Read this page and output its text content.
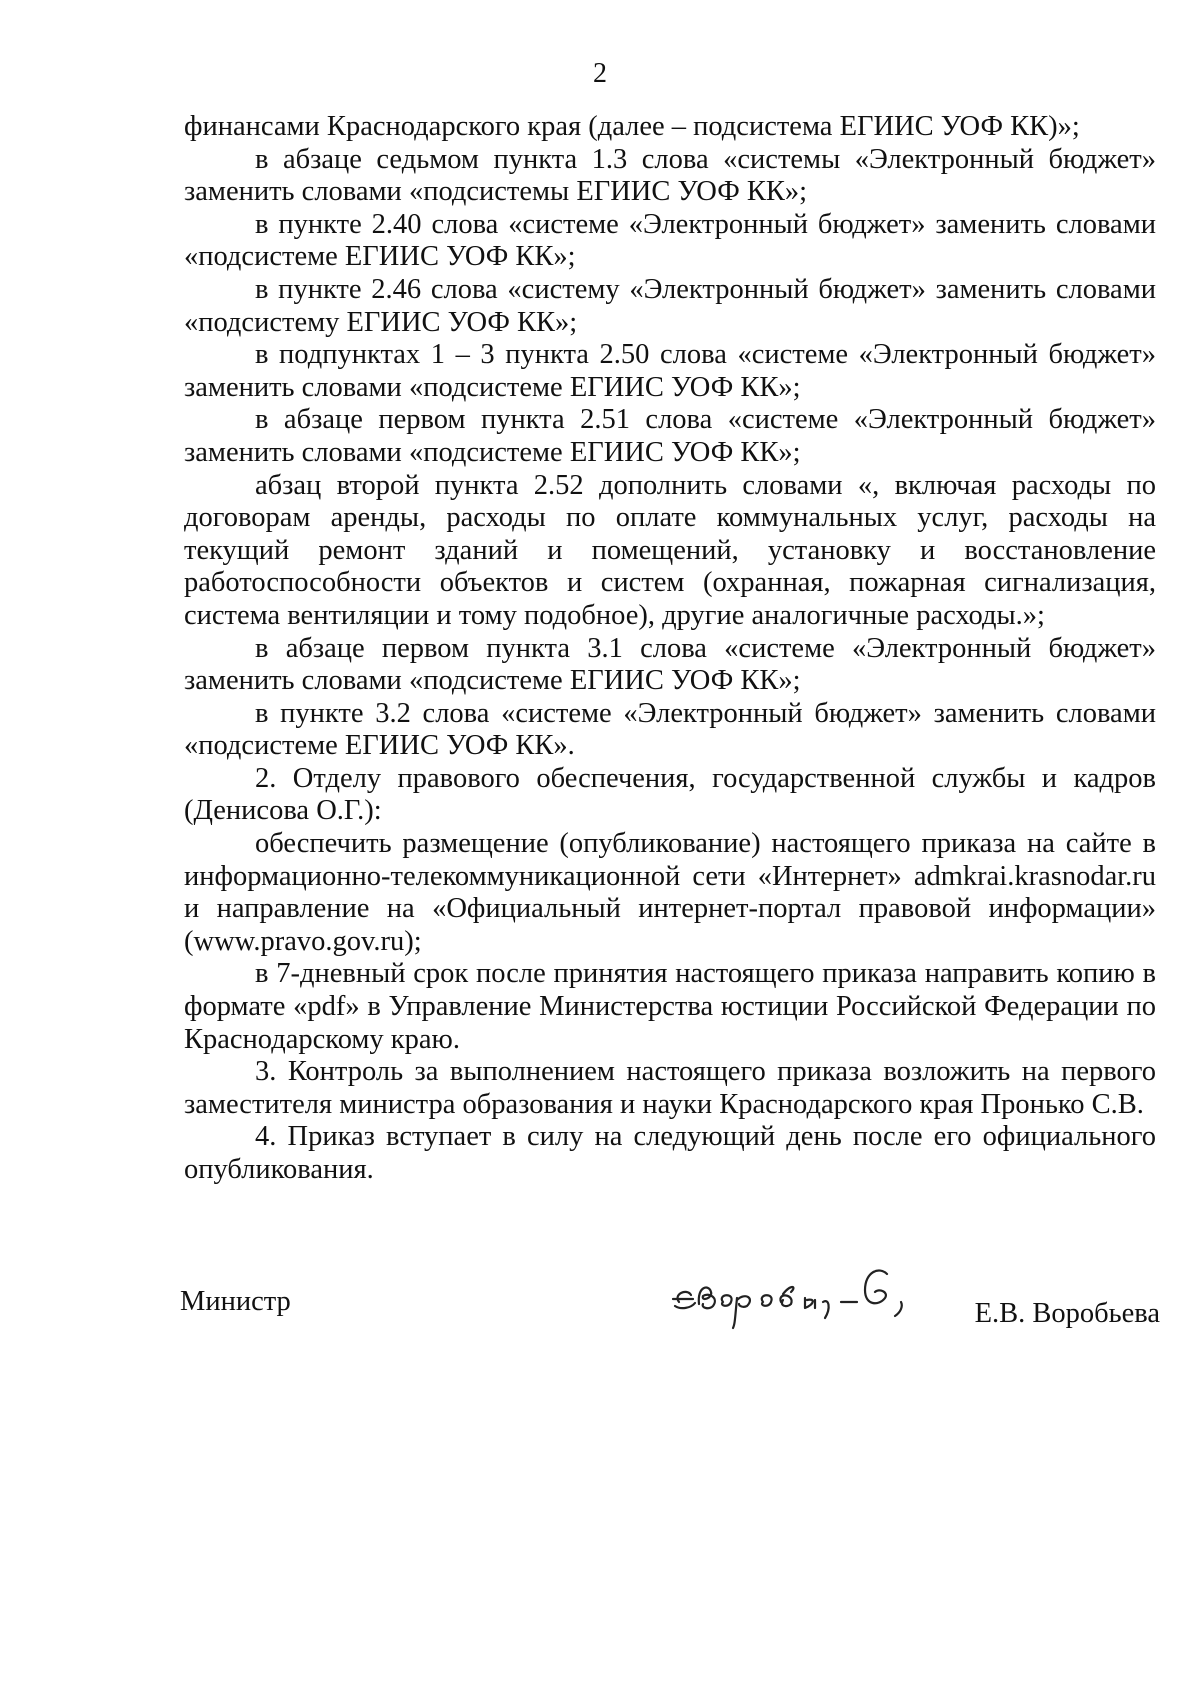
2

финансами Краснодарского края (далее – подсистема ЕГИИС УОФ КК)»;

в абзаце седьмом пункта 1.3 слова «системы «Электронный бюджет» заменить словами «подсистемы ЕГИИС УОФ КК»;

в пункте 2.40 слова «системе «Электронный бюджет» заменить словами «подсистеме ЕГИИС УОФ КК»;

в пункте 2.46 слова «систему «Электронный бюджет» заменить словами «подсистему ЕГИИС УОФ КК»;

в подпунктах 1 – 3 пункта 2.50 слова «системе «Электронный бюджет» заменить словами «подсистеме ЕГИИС УОФ КК»;

в абзаце первом пункта 2.51 слова «системе «Электронный бюджет» заменить словами «подсистеме ЕГИИС УОФ КК»;

абзац второй пункта 2.52 дополнить словами «, включая расходы по договорам аренды, расходы по оплате коммунальных услуг, расходы на текущий ремонт зданий и помещений, установку и восстановление работоспособности объектов и систем (охранная, пожарная сигнализация, система вентиляции и тому подобное), другие аналогичные расходы.»;

в абзаце первом пункта 3.1 слова «системе «Электронный бюджет» заменить словами «подсистеме ЕГИИС УОФ КК»;

в пункте 3.2 слова «системе «Электронный бюджет» заменить словами «подсистеме ЕГИИС УОФ КК».

2. Отделу правового обеспечения, государственной службы и кадров (Денисова О.Г.):

обеспечить размещение (опубликование) настоящего приказа на сайте в информационно-телекоммуникационной сети «Интернет» admkrai.krasnodar.ru и направление на «Официальный интернет-портал правовой информации» (www.pravo.gov.ru);

в 7-дневный срок после принятия настоящего приказа направить копию в формате «pdf» в Управление Министерства юстиции Российской Федерации по Краснодарскому краю.

3. Контроль за выполнением настоящего приказа возложить на первого заместителя министра образования и науки Краснодарского края Пронько С.В.

4. Приказ вступает в силу на следующий день после его официального опубликования.

Министр	Е.В. Воробьева
